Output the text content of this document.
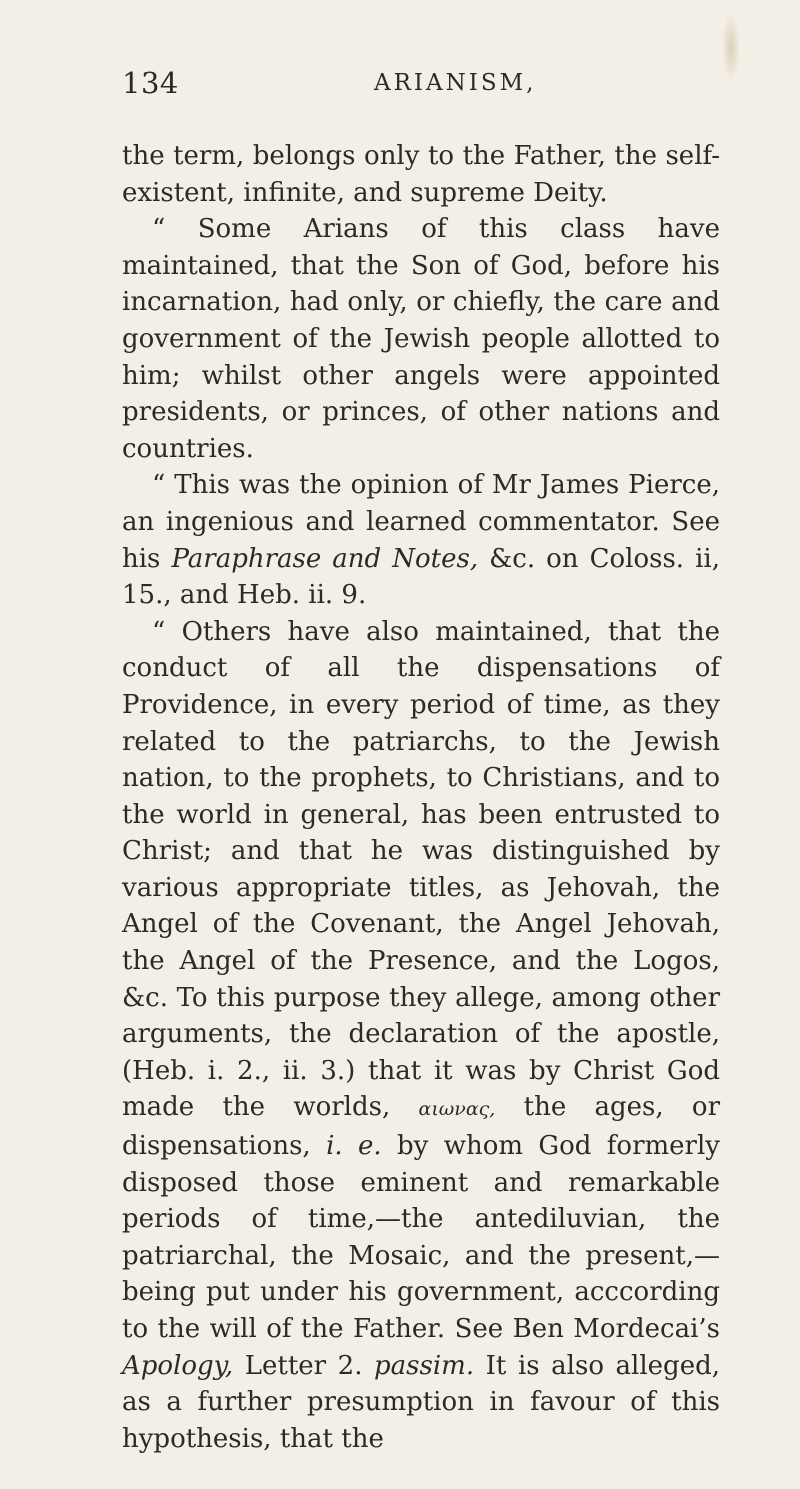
134	ARIANISM,

the term, belongs only to the Father, the self-existent, infinite, and supreme Deity.

“ Some Arians of this class have maintained, that the Son of God, before his incarnation, had only, or chiefly, the care and government of the Jewish people allotted to him; whilst other angels were appointed presidents, or princes, of other nations and countries.

“ This was the opinion of Mr James Pierce, an ingenious and learned commentator. See his Paraphrase and Notes, &c. on Coloss. ii, 15., and Heb. ii. 9.

“ Others have also maintained, that the conduct of all the dispensations of Providence, in every period of time, as they related to the patriarchs, to the Jewish nation, to the prophets, to Christians, and to the world in general, has been entrusted to Christ; and that he was distinguished by various appropriate titles, as Jehovah, the Angel of the Covenant, the Angel Jehovah, the Angel of the Presence, and the Logos, &c. To this purpose they allege, among other arguments, the declaration of the apostle, (Heb. i. 2., ii. 3.) that it was by Christ God made the worlds, αιωνας, the ages, or dispensations, i. e. by whom God formerly disposed those eminent and remarkable periods of time,—the antediluvian, the patriarchal, the Mosaic, and the present,—being put under his government, acccording to the will of the Father. See Ben Mordecai’s Apology, Letter 2. passim. It is also alleged, as a further presumption in favour of this hypothesis, that the
